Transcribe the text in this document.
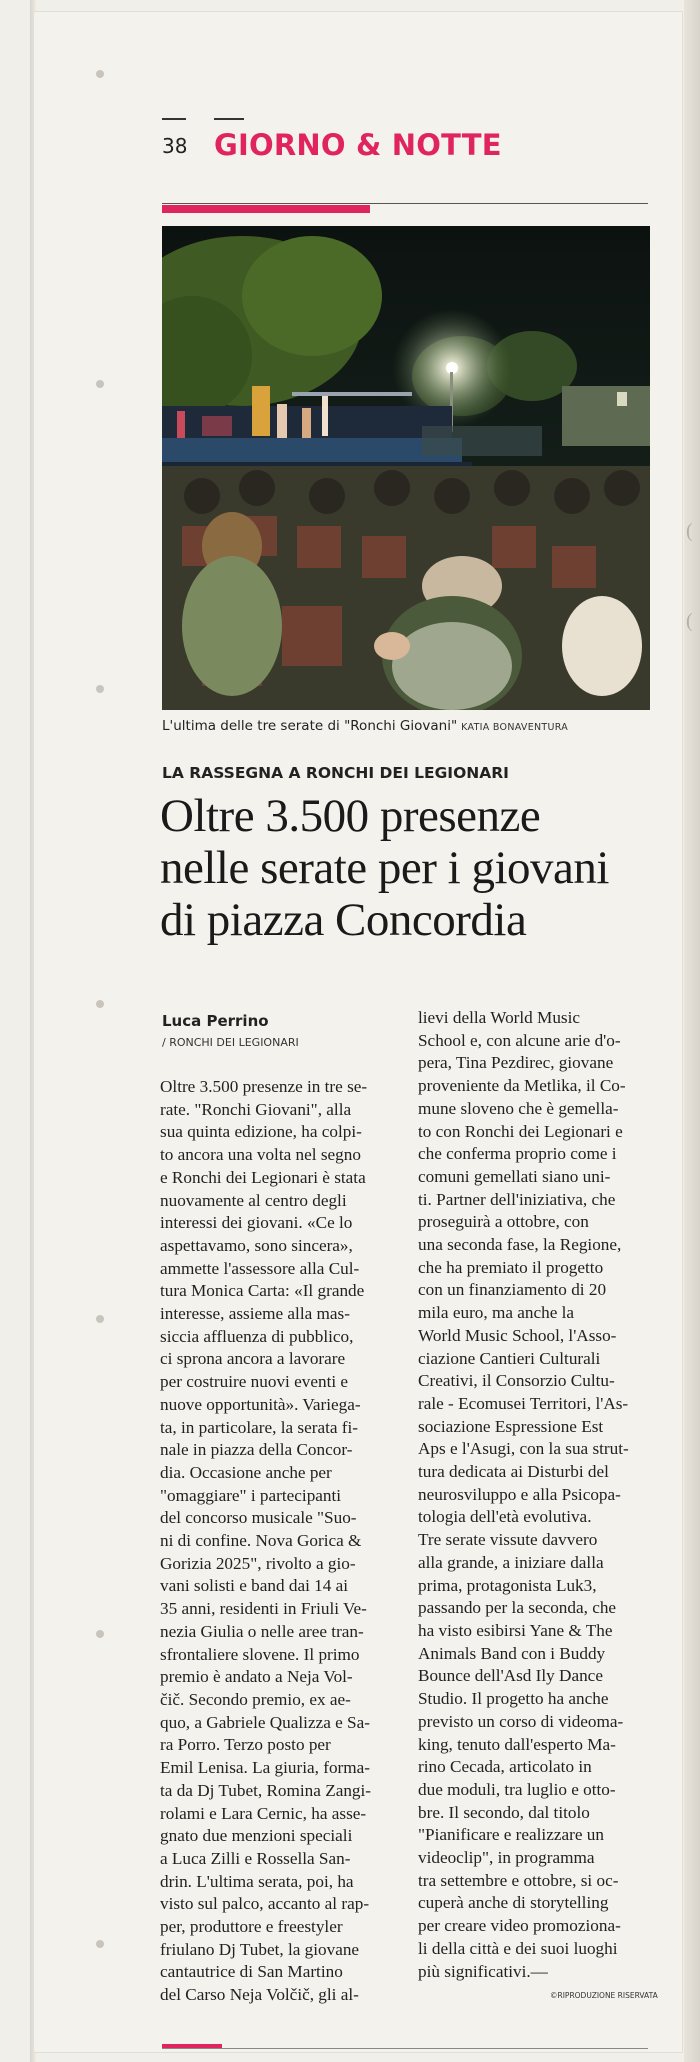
38 GIORNO & NOTTE
L'ultima delle tre serate di "Ronchi Giovani" KATIA BONAVENTURA
LA RASSEGNA A RONCHI DEI LEGIONARI
Oltre 3.500 presenze
nelle serate per i giovani
di piazza Concordia
Luca Perrino
/ RONCHI DEI LEGIONARI
Oltre 3.500 presenze in tre se-
rate. "Ronchi Giovani", alla
sua quinta edizione, ha colpi-
to ancora una volta nel segno
e Ronchi dei Legionari è stata
nuovamente al centro degli
interessi dei giovani. «Ce lo
aspettavamo, sono sincera»,
ammette l'assessore alla Cul-
tura Monica Carta: «Il grande
interesse, assieme alla mas-
siccia affluenza di pubblico,
ci sprona ancora a lavorare
per costruire nuovi eventi e
nuove opportunità». Variega-
ta, in particolare, la serata fi-
nale in piazza della Concor-
dia. Occasione anche per
"omaggiare" i partecipanti
del concorso musicale "Suo-
ni di confine. Nova Gorica &
Gorizia 2025", rivolto a gio-
vani solisti e band dai 14 ai
35 anni, residenti in Friuli Ve-
nezia Giulia o nelle aree tran-
sfrontaliere slovene. Il primo
premio è andato a Neja Vol-
čič. Secondo premio, ex ae-
quo, a Gabriele Qualizza e Sa-
ra Porro. Terzo posto per
Emil Lenisa. La giuria, forma-
ta da Dj Tubet, Romina Zangi-
rolami e Lara Cernic, ha asse-
gnato due menzioni speciali
a Luca Zilli e Rossella San-
drin. L'ultima serata, poi, ha
visto sul palco, accanto al rap-
per, produttore e freestyler
friulano Dj Tubet, la giovane
cantautrice di San Martino
del Carso Neja Volčič, gli al-
lievi della World Music
School e, con alcune arie d'o-
pera, Tina Pezdirec, giovane
proveniente da Metlika, il Co-
mune sloveno che è gemella-
to con Ronchi dei Legionari e
che conferma proprio come i
comuni gemellati siano uni-
ti. Partner dell'iniziativa, che
proseguirà a ottobre, con
una seconda fase, la Regione,
che ha premiato il progetto
con un finanziamento di 20
mila euro, ma anche la
World Music School, l'Asso-
ciazione Cantieri Culturali
Creativi, il Consorzio Cultu-
rale - Ecomusei Territori, l'As-
sociazione Espressione Est
Aps e l'Asugi, con la sua strut-
tura dedicata ai Disturbi del
neurosviluppo e alla Psicopa-
tologia dell'età evolutiva.
Tre serate vissute davvero
alla grande, a iniziare dalla
prima, protagonista Luk3,
passando per la seconda, che
ha visto esibirsi Yane & The
Animals Band con i Buddy
Bounce dell'Asd Ily Dance
Studio. Il progetto ha anche
previsto un corso di videoma-
king, tenuto dall'esperto Ma-
rino Cecada, articolato in
due moduli, tra luglio e otto-
bre. Il secondo, dal titolo
"Pianificare e realizzare un
videoclip", in programma
tra settembre e ottobre, si oc-
cuperà anche di storytelling
per creare video promoziona-
li della città e dei suoi luoghi
più significativi.—
©RIPRODUZIONE RISERVATA
(
(
